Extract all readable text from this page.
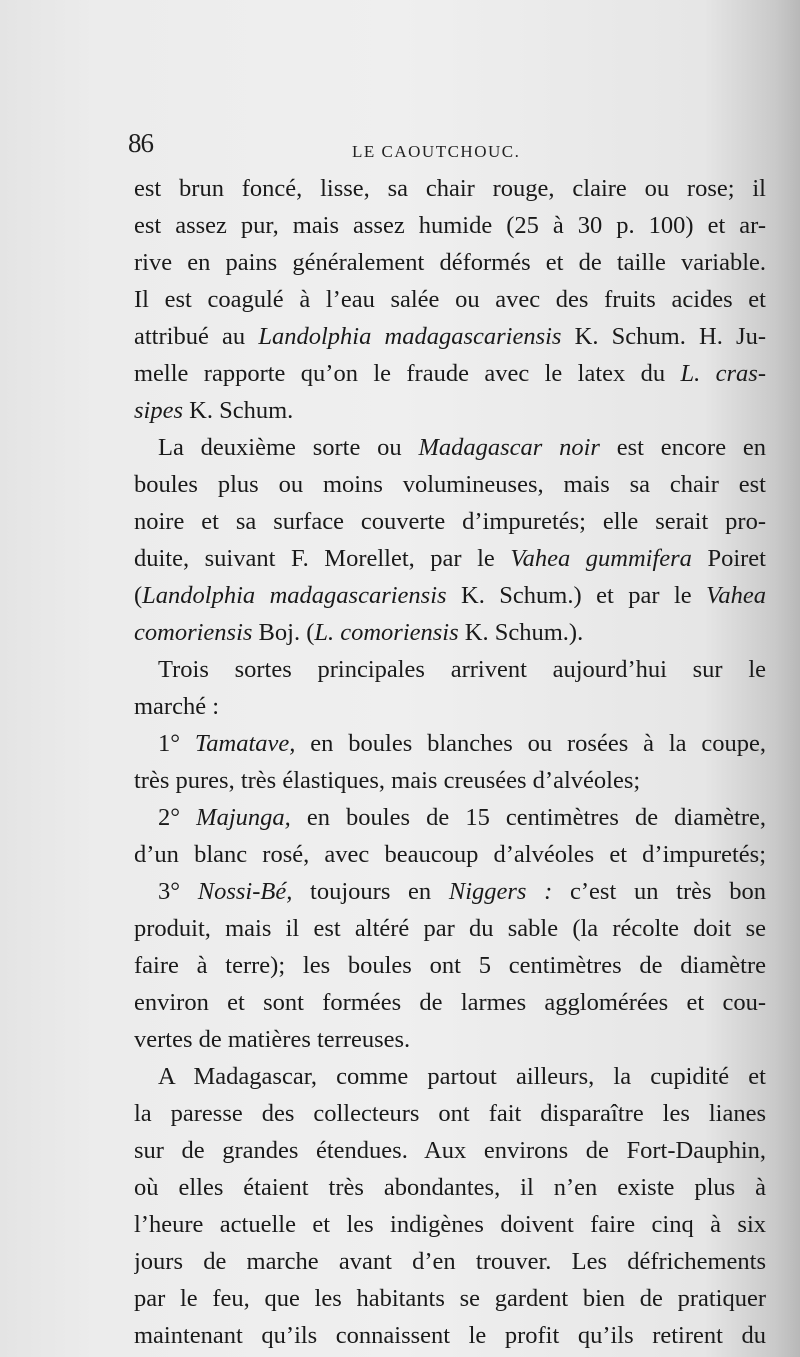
86	LE CAOUTCHOUC.
est brun foncé, lisse, sa chair rouge, claire ou rose; il
est assez pur, mais assez humide (25 à 30 p. 100) et ar-
rive en pains généralement déformés et de taille variable.
Il est coagulé à l’eau salée ou avec des fruits acides et
attribué au Landolphia madagascariensis K. Schum. H. Ju-
melle rapporte qu’on le fraude avec le latex du L. cras-
sipes K. Schum.
La deuxième sorte ou Madagascar noir est encore en
boules plus ou moins volumineuses, mais sa chair est
noire et sa surface couverte d’impuretés; elle serait pro-
duite, suivant F. Morellet, par le Vahea gummifera Poiret
(Landolphia madagascariensis K. Schum.) et par le Vahea
comoriensis Boj. (L. comoriensis K. Schum.).
Trois sortes principales arrivent aujourd’hui sur le
marché :
1° Tamatave, en boules blanches ou rosées à la coupe,
très pures, très élastiques, mais creusées d’alvéoles;
2° Majunga, en boules de 15 centimètres de diamètre,
d’un blanc rosé, avec beaucoup d’alvéoles et d’impuretés;
3° Nossi-Bé, toujours en Niggers : c’est un très bon
produit, mais il est altéré par du sable (la récolte doit se
faire à terre); les boules ont 5 centimètres de diamètre
environ et sont formées de larmes agglomérées et cou-
vertes de matières terreuses.
A Madagascar, comme partout ailleurs, la cupidité et
la paresse des collecteurs ont fait disparaître les lianes
sur de grandes étendues. Aux environs de Fort-Dauphin,
où elles étaient très abondantes, il n’en existe plus à
l’heure actuelle et les indigènes doivent faire cinq à six
jours de marche avant d’en trouver. Les défrichements
par le feu, que les habitants se gardent bien de pratiquer
maintenant qu’ils connaissent le profit qu’ils retirent du
